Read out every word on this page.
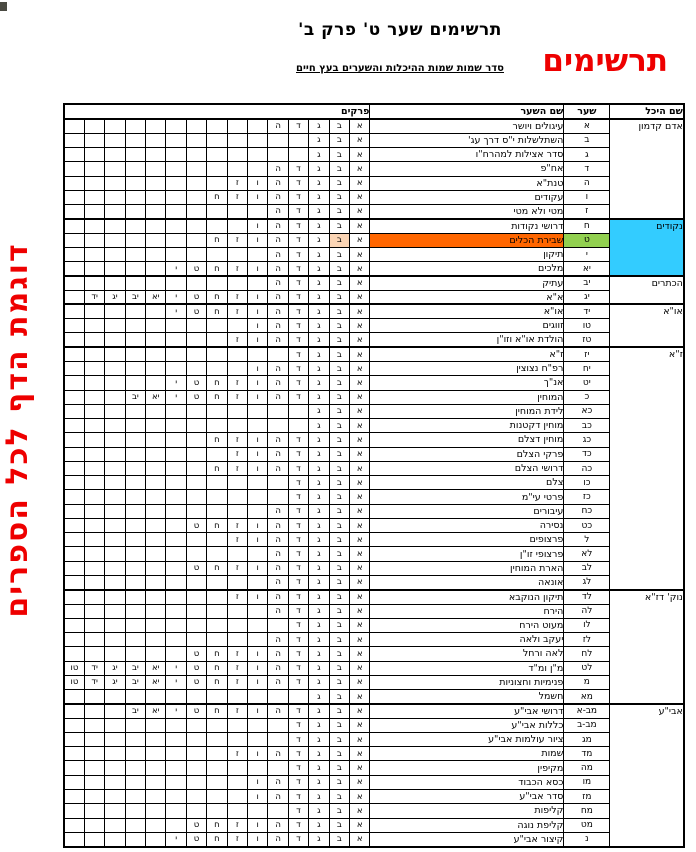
תרשימים שער ט' פרק ב'
סדר שמות שמות ההיכלות והשערים בעץ חיים	תרשימים
דוגמת הדף לכל הספרים
שם היכל	שער	שם השער	פרקים														
אדם קדמון	א	עיגולים ויושר	א	ב	ג	ד	ה										
	ב	השתלשלות י"ס דרך עג'	א	ב	ג												
	ג	סדר אצילות למהרח"ו	א	ב	ג												
	ד	אח"פ	א	ב	ג	ד	ה										
	ה	טנת"א	א	ב	ג	ד	ה	ו	ז								
	ו	עקודים	א	ב	ג	ד	ה	ו	ז	ח							
	ז	מטי ולא מטי	א	ב	ג	ד	ה										
נקודים	ח	דרושי נקודות	א	ב	ג	ד	ה	ו									
	ט	שבירת הכלים	א	ב	ג	ד	ה	ו	ז	ח							
	י	תיקון	א	ב	ג	ד	ה										
	יא	מלכים	א	ב	ג	ד	ה	ו	ז	ח	ט	י					
הכתרים	יב	עתיק	א	ב	ג	ד	ה										
	יג	א"א	א	ב	ג	ד	ה	ו	ז	ח	ט	י	יא	יב	יג	יד	
או"א	יד	או"א	א	ב	ג	ד	ה	ו	ז	ח	ט	י					
	טו	זווגים	א	ב	ג	ד	ה	ו									
	טז	הולדת או"א וזו"ן	א	ב	ג	ד	ה	ו	ז								
ז"א	יז	ז"א	א	ב	ג	ד											
	יח	רפ"ח נצוצין	א	ב	ג	ד	ה	ו									
	יט	אנ"ך	א	ב	ג	ד	ה	ו	ז	ח	ט	י					
	כ	המוחין	א	ב	ג	ד	ה	ו	ז	ח	ט	י	יא	יב			
	כא	לידת המוחין	א	ב	ג												
	כב	מוחין דקטנות	א	ב	ג												
	כג	מוחין דצלם	א	ב	ג	ד	ה	ו	ז	ח							
	כד	פרקי הצלם	א	ב	ג	ד	ה	ו	ז								
	כה	דרושי הצלם	א	ב	ג	ד	ה	ו	ז	ח							
	כו	צלם	א	ב	ג	ד											
	כז	פרטי עי"מ	א	ב	ג	ד											
	כח	עיבורים	א	ב	ג	ד	ה										
	כט	נסירה	א	ב	ג	ד	ה	ו	ז	ח	ט						
	ל	פרצופים	א	ב	ג	ד	ה	ו	ז								
	לא	פרצופי זו"ן	א	ב	ג	ד	ה										
	לב	הארת המוחין	א	ב	ג	ד	ה	ו	ז	ח	ט						
	לג	אונאה	א	ב	ג	ד	ה										
נוק' דז"א	לד	תיקון הנוקבא	א	ב	ג	ד	ה	ו	ז								
	לה	הירח	א	ב	ג	ד	ה										
	לו	מעוט הירח	א	ב	ג	ד											
	לז	יעקב ולאה	א	ב	ג	ד	ה										
	לח	לאה ורחל	א	ב	ג	ד	ה	ו	ז	ח	ט						
	לט	מ"ן ומ"ד	א	ב	ג	ד	ה	ו	ז	ח	ט	י	יא	יב	יג	יד	טו
	מ	פנימיות וחצוניות	א	ב	ג	ד	ה	ו	ז	ח	ט	י	יא	יב	יג	יד	טו
	מא	חשמל	א	ב	ג												
אבי"ע	מב-א	דרושי אבי"ע	א	ב	ג	ד	ה	ו	ז	ח	ט	י	יא	יב			
	מב-ב	כללות אבי"ע	א	ב	ג	ד											
	מג	ציור עולמות אבי"ע	א	ב	ג	ד											
	מד	שמות	א	ב	ג	ד	ה	ו	ז								
	מה	מקיפין	א	ב	ג	ד											
	מו	כסא הכבוד	א	ב	ג	ד	ה	ו									
	מז	סדר אבי"ע	א	ב	ג	ד	ה	ו									
	מח	קליפות	א	ב	ג	ד											
	מט	קליפת נוגה	א	ב	ג	ד	ה	ו	ז	ח	ט						
	נ	קיצור אבי"ע	א	ב	ג	ד	ה	ו	ז	ח	ט	י					
